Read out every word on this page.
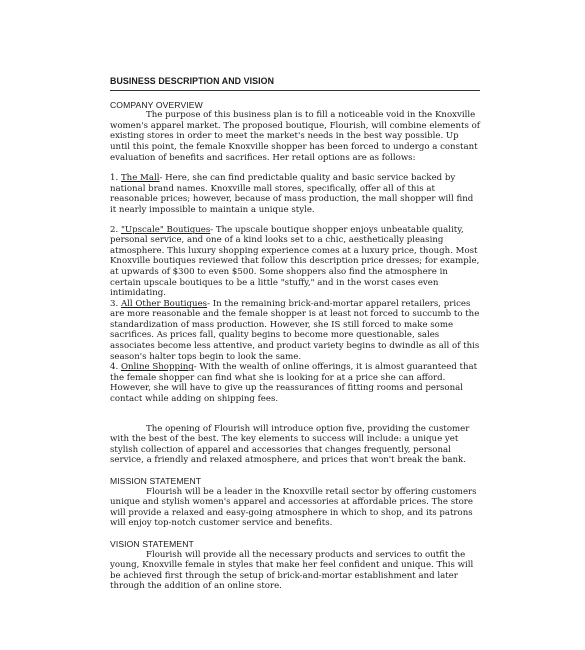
BUSINESS DESCRIPTION AND VISION
COMPANY OVERVIEW

The purpose of this business plan is to fill a noticeable void in the Knoxville women's apparel market. The proposed boutique, Flourish, will combine elements of existing stores in order to meet the market's needs in the best way possible. Up until this point, the female Knoxville shopper has been forced to undergo a constant evaluation of benefits and sacrifices. Her retail options are as follows:

1. The Mall- Here, she can find predictable quality and basic service backed by national brand names. Knoxville mall stores, specifically, offer all of this at reasonable prices; however, because of mass production, the mall shopper will find it nearly impossible to maintain a unique style.

2. "Upscale" Boutiques- The upscale boutique shopper enjoys unbeatable quality, personal service, and one of a kind looks set to a chic, aesthetically pleasing atmosphere. This luxury shopping experience comes at a luxury price, though. Most Knoxville boutiques reviewed that follow this description price dresses; for example, at upwards of $300 to even $500. Some shoppers also find the atmosphere in certain upscale boutiques to be a little "stuffy," and in the worst cases even intimidating.

3. All Other Boutiques- In the remaining brick-and-mortar apparel retailers, prices are more reasonable and the female shopper is at least not forced to succumb to the standardization of mass production. However, she IS still forced to make some sacrifices. As prices fall, quality begins to become more questionable, sales associates become less attentive, and product variety begins to dwindle as all of this season's halter tops begin to look the same.

4. Online Shopping- With the wealth of online offerings, it is almost guaranteed that the female shopper can find what she is looking for at a price she can afford. However, she will have to give up the reassurances of fitting rooms and personal contact while adding on shipping fees.

The opening of Flourish will introduce option five, providing the customer with the best of the best. The key elements to success will include: a unique yet stylish collection of apparel and accessories that changes frequently, personal service, a friendly and relaxed atmosphere, and prices that won't break the bank.

MISSION STATEMENT

Flourish will be a leader in the Knoxville retail sector by offering customers unique and stylish women's apparel and accessories at affordable prices. The store will provide a relaxed and easy-going atmosphere in which to shop, and its patrons will enjoy top-notch customer service and benefits.

VISION STATEMENT

Flourish will provide all the necessary products and services to outfit the young, Knoxville female in styles that make her feel confident and unique. This will be achieved first through the setup of brick-and-mortar establishment and later through the addition of an online store.
